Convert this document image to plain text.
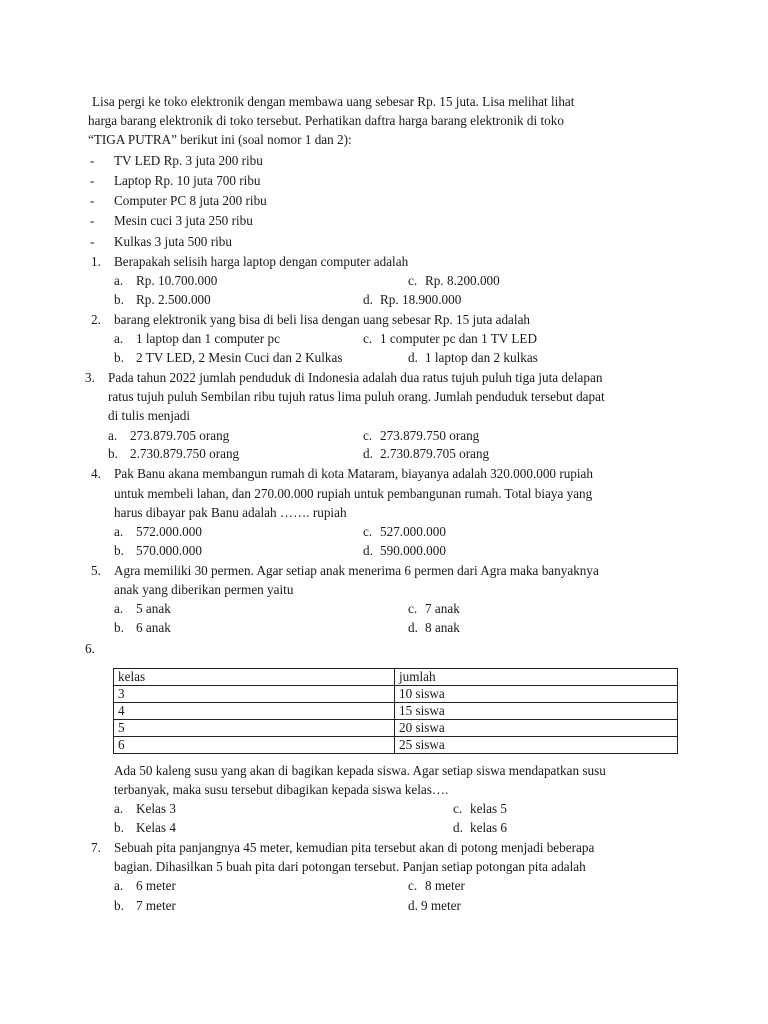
Lisa pergi ke toko elektronik dengan membawa uang sebesar Rp. 15 juta. Lisa melihat lihat
harga barang elektronik di toko tersebut. Perhatikan daftra harga barang elektronik di toko
“TIGA PUTRA” berikut ini (soal nomor 1 dan 2):
- TV LED Rp. 3 juta 200 ribu
- Laptop Rp. 10 juta 700 ribu
- Computer PC 8 juta 200 ribu
- Mesin cuci 3 juta 250 ribu
- Kulkas 3 juta 500 ribu
1. Berapakah selisih harga laptop dengan computer adalah
a. Rp. 10.700.000	c. Rp. 8.200.000
b. Rp. 2.500.000	d. Rp. 18.900.000
2. barang elektronik yang bisa di beli lisa dengan uang sebesar Rp. 15 juta adalah
a. 1 laptop dan 1 computer pc	c. 1 computer pc dan 1 TV LED
b. 2 TV LED, 2 Mesin Cuci dan 2 Kulkas	d. 1 laptop dan 2 kulkas
3. Pada tahun 2022 jumlah penduduk di Indonesia adalah dua ratus tujuh puluh tiga juta delapan
ratus tujuh puluh Sembilan ribu tujuh ratus lima puluh orang. Jumlah penduduk tersebut dapat
di tulis menjadi
a. 273.879.705 orang	c. 273.879.750 orang
b. 2.730.879.750 orang	d. 2.730.879.705 orang
4. Pak Banu akana membangun rumah di kota Mataram, biayanya adalah 320.000.000 rupiah
untuk membeli lahan, dan 270.00.000 rupiah untuk pembangunan rumah. Total biaya yang
harus dibayar pak Banu adalah ……. rupiah
a. 572.000.000	c. 527.000.000
b. 570.000.000	d. 590.000.000
5. Agra memiliki 30 permen. Agar setiap anak menerima 6 permen dari Agra maka banyaknya
anak yang diberikan permen yaitu
a. 5 anak	c. 7 anak
b. 6 anak	d. 8 anak
6.
kelas	jumlah
3	10 siswa
4	15 siswa
5	20 siswa
6	25 siswa
Ada 50 kaleng susu yang akan di bagikan kepada siswa. Agar setiap siswa mendapatkan susu
terbanyak, maka susu tersebut dibagikan kepada siswa kelas….
a. Kelas 3	c. kelas 5
b. Kelas 4	d. kelas 6
7. Sebuah pita panjangnya 45 meter, kemudian pita tersebut akan di potong menjadi beberapa
bagian. Dihasilkan 5 buah pita dari potongan tersebut. Panjan setiap potongan pita adalah
a. 6 meter	c. 8 meter
b. 7 meter	d. 9 meter
